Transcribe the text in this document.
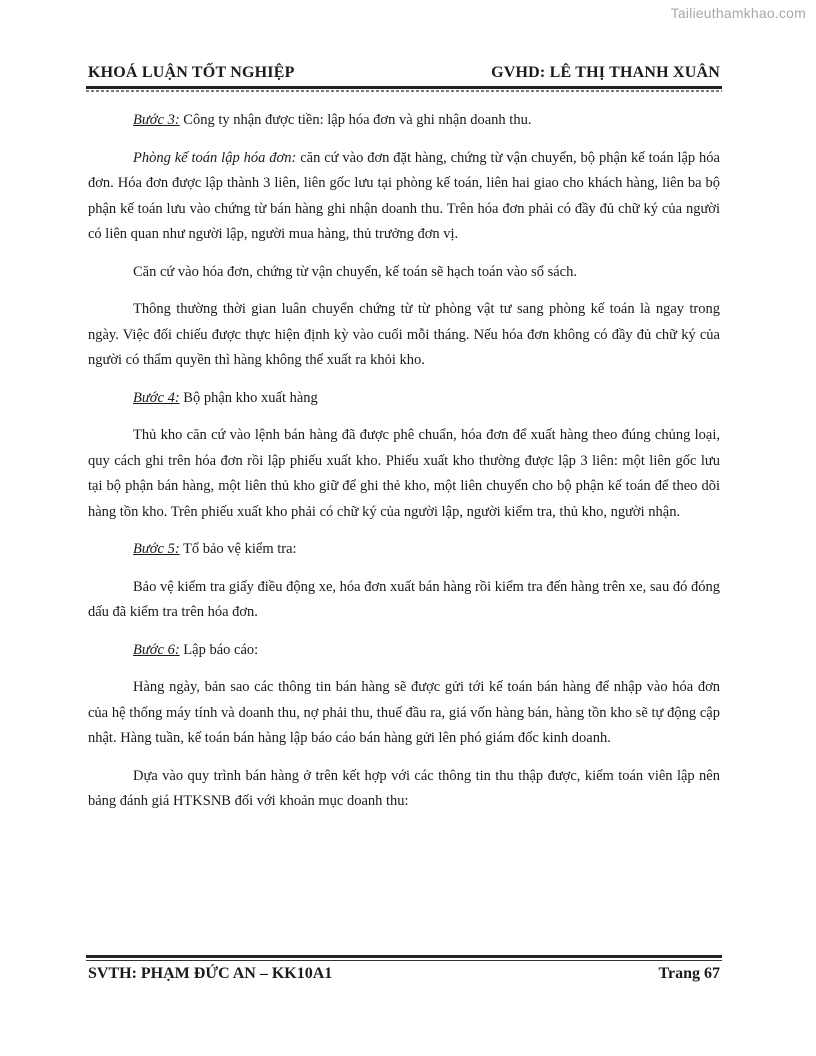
Tailieuthamkhao.com
KHOÁ LUẬN TỐT NGHIỆP	GVHD: LÊ THỊ THANH XUÂN

Bước 3: Công ty nhận được tiền: lập hóa đơn và ghi nhận doanh thu.

Phòng kế toán lập hóa đơn: căn cứ vào đơn đặt hàng, chứng từ vận chuyển, bộ phận kế toán lập hóa đơn. Hóa đơn được lập thành 3 liên, liên gốc lưu tại phòng kế toán, liên hai giao cho khách hàng, liên ba bộ phận kế toán lưu vào chứng từ bán hàng ghi nhận doanh thu. Trên hóa đơn phải có đầy đủ chữ ký của người có liên quan như người lập, người mua hàng, thủ trưởng đơn vị.

Căn cứ vào hóa đơn, chứng từ vận chuyển, kế toán sẽ hạch toán vào sổ sách.

Thông thường thời gian luân chuyển chứng từ từ phòng vật tư sang phòng kế toán là ngay trong ngày. Việc đối chiếu được thực hiện định kỳ vào cuối mỗi tháng. Nếu hóa đơn không có đầy đủ chữ ký của người có thẩm quyền thì hàng không thể xuất ra khỏi kho.

Bước 4: Bộ phận kho xuất hàng

Thủ kho căn cứ vào lệnh bán hàng đã được phê chuẩn, hóa đơn để xuất hàng theo đúng chủng loại, quy cách ghi trên hóa đơn rồi lập phiếu xuất kho. Phiếu xuất kho thường được lập 3 liên: một liên gốc lưu tại bộ phận bán hàng, một liên thủ kho giữ để ghi thẻ kho, một liên chuyển cho bộ phận kế toán để theo dõi hàng tồn kho. Trên phiếu xuất kho phải có chữ ký của người lập, người kiểm tra, thủ kho, người nhận.

Bước 5: Tổ bảo vệ kiểm tra:

Bảo vệ kiểm tra giấy điều động xe, hóa đơn xuất bán hàng rồi kiểm tra đến hàng trên xe, sau đó đóng dấu đã kiểm tra trên hóa đơn.

Bước 6: Lập báo cáo:

Hàng ngày, bản sao các thông tin bán hàng sẽ được gửi tới kế toán bán hàng để nhập vào hóa đơn của hệ thống máy tính và doanh thu, nợ phải thu, thuế đầu ra, giá vốn hàng bán, hàng tồn kho sẽ tự động cập nhật. Hàng tuần, kế toán bán hàng lập báo cáo bán hàng gửi lên phó giám đốc kinh doanh.

Dựa vào quy trình bán hàng ở trên kết hợp với các thông tin thu thập được, kiểm toán viên lập nên bảng đánh giá HTKSNB đối với khoản mục doanh thu:

SVTH: PHẠM ĐỨC AN – KK10A1	Trang 67
